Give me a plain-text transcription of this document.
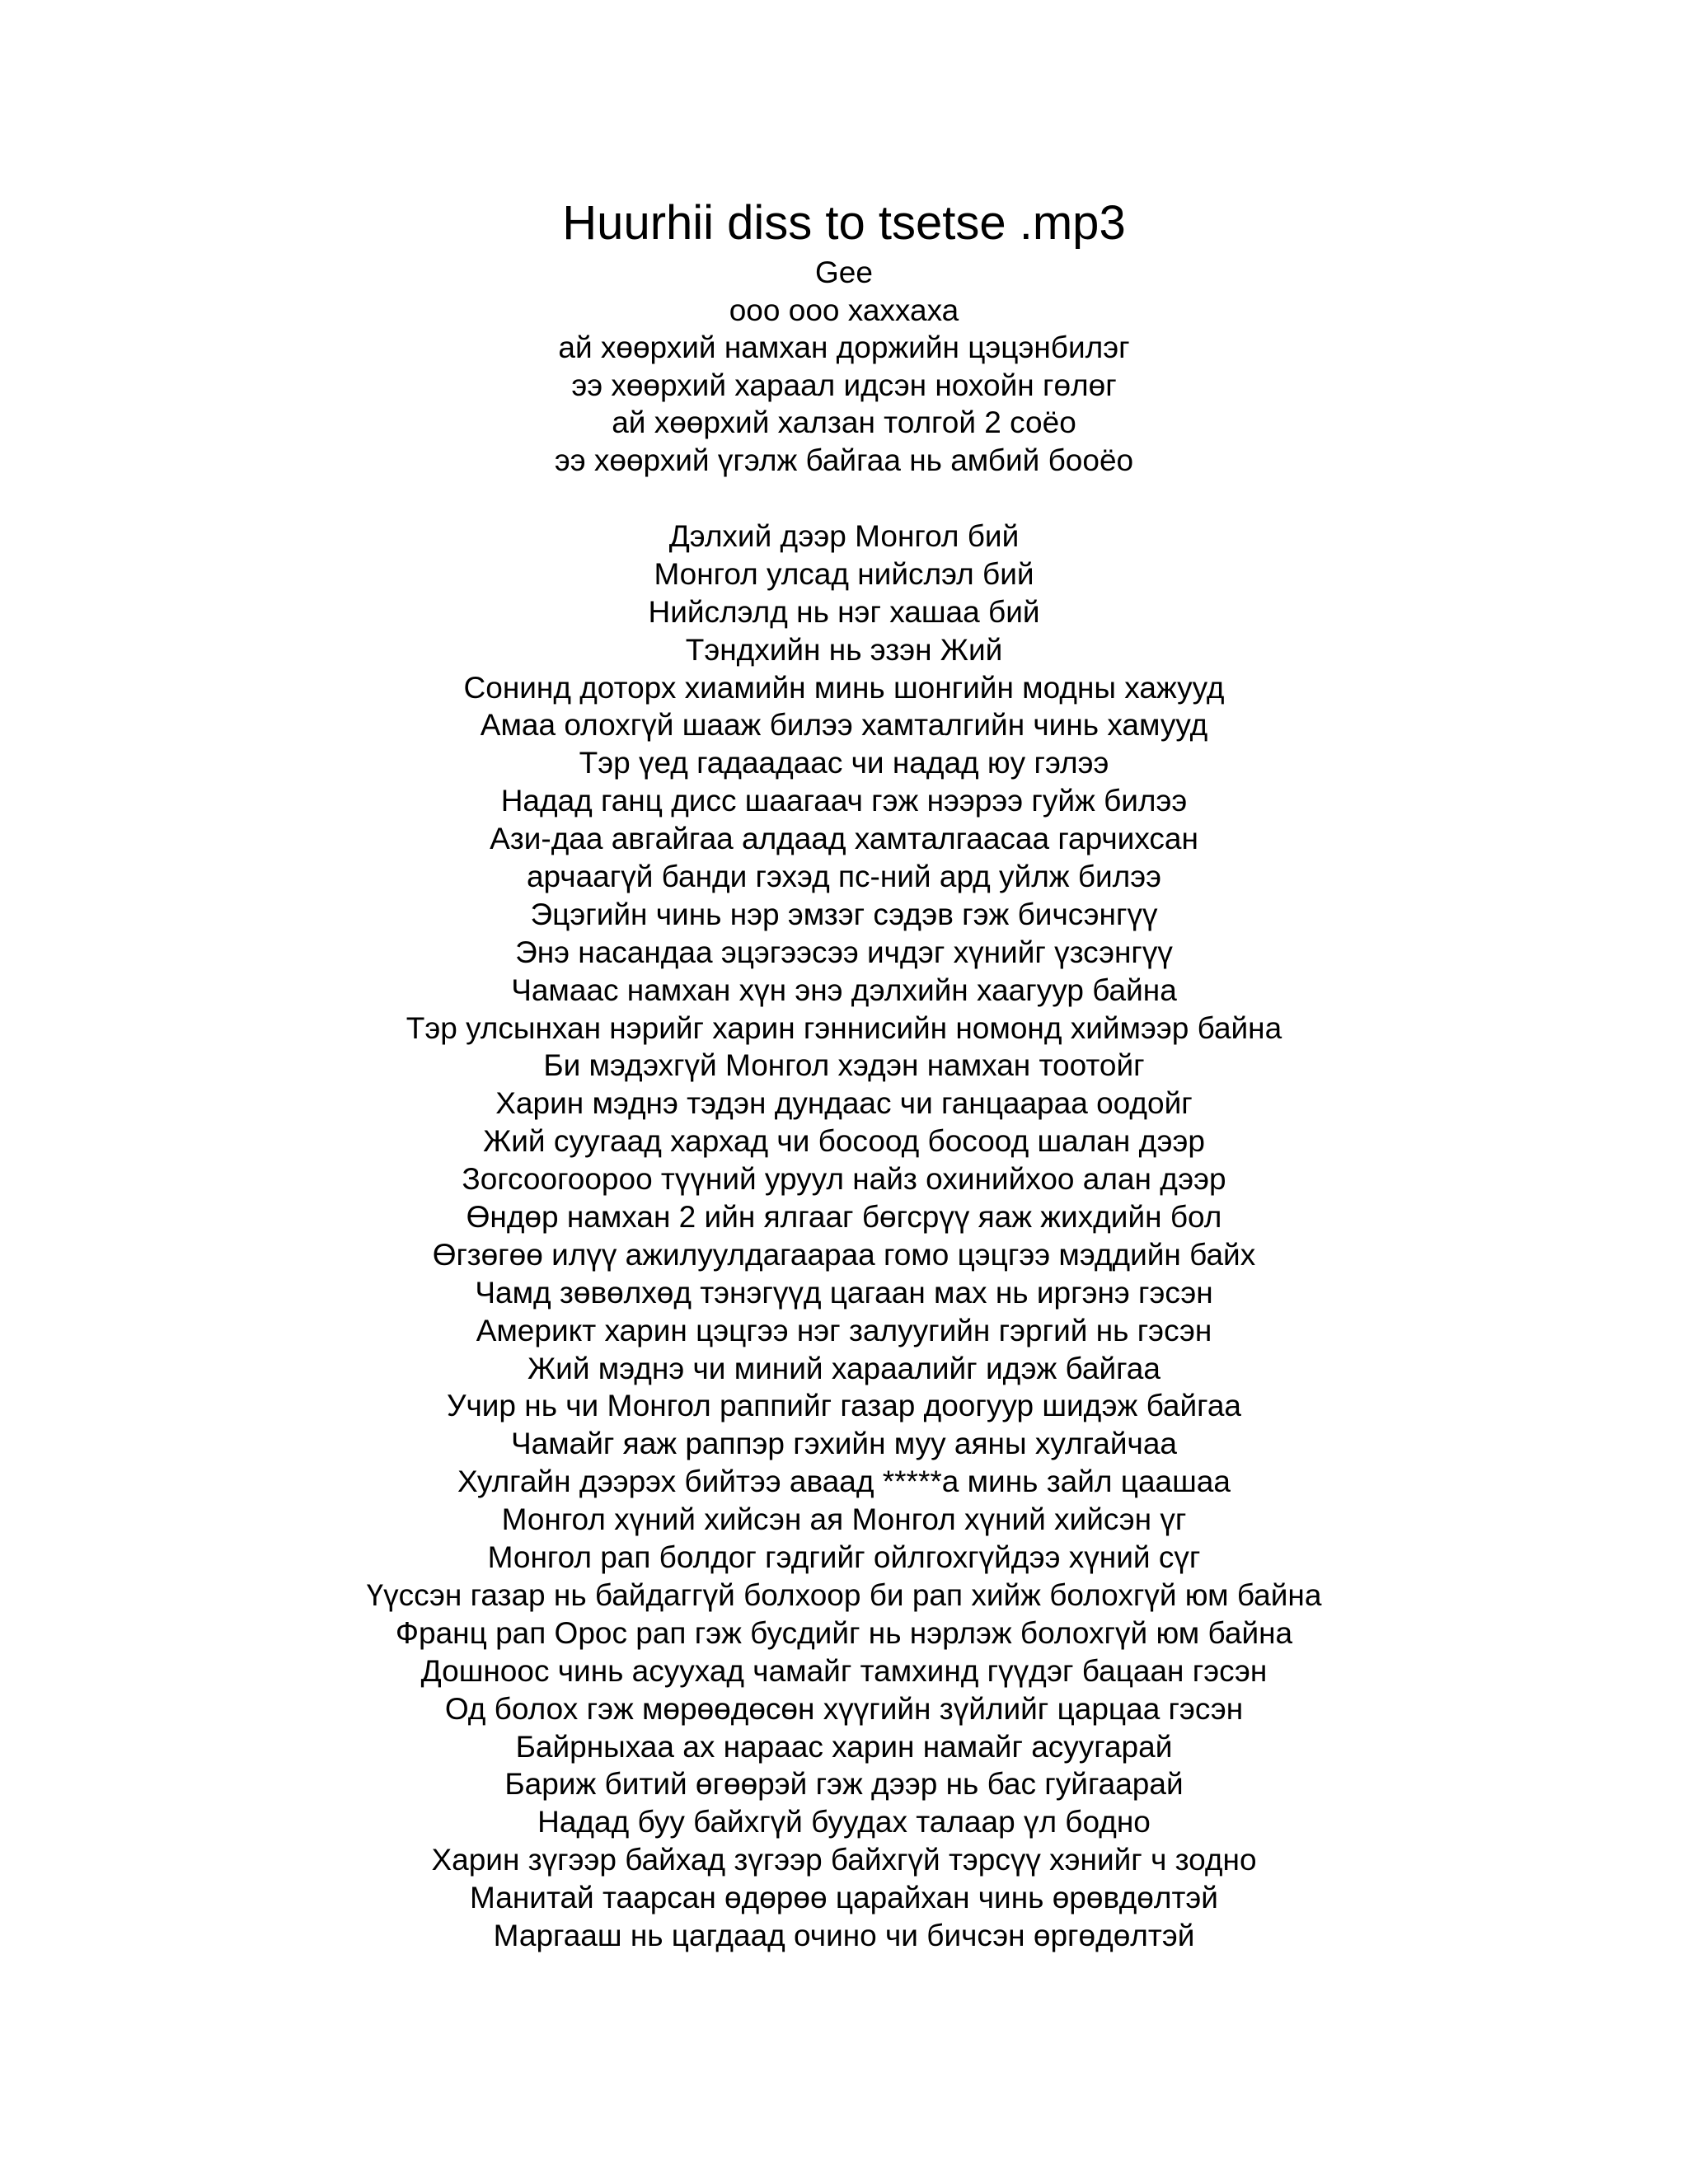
Huurhii diss to tsetse .mp3
Gee
ооо ооо хаххаха
ай хөөрхий намхан доржийн цэцэнбилэг
ээ хөөрхий хараал идсэн нохойн гөлөг
ай хөөрхий халзан толгой 2 соёо
ээ хөөрхий үгэлж байгаа нь амбий бооёо
Дэлхий дээр Монгол бий
Монгол улсад нийслэл бий
Нийслэлд нь нэг хашаа бий
Тэндхийн нь эзэн Жий
Сонинд доторх хиамийн минь шонгийн модны хажууд
Амаа олохгүй шааж билээ хамталгийн чинь хамууд
Тэр үед гадаадаас чи надад юу гэлээ
Надад ганц дисс шаагаач гэж нээрээ гуйж билээ
Ази-даа авгайгаа алдаад хамталгаасаа гарчихсан
арчаагүй банди гэхэд пс-ний ард уйлж билээ
Эцэгийн чинь нэр эмзэг сэдэв гэж бичсэнгүү
Энэ насандаа эцэгээсээ ичдэг хүнийг үзсэнгүү
Чамаас намхан хүн энэ дэлхийн хаагуур байна
Тэр улсынхан нэрийг харин гэннисийн номонд хиймээр байна
Би мэдэхгүй Монгол хэдэн намхан тоотойг
Харин мэднэ тэдэн дундаас чи ганцаараа оодойг
Жий суугаад хархад чи босоод босоод шалан дээр
Зогсоогоороо түүний уруул найз охинийхоо алан дээр
Өндөр намхан 2 ийн ялгааг бөгсрүү яаж жихдийн бол
Өгзөгөө илүү ажилуулдагаараа гомо цэцгээ мэддийн байх
Чамд зөвөлхөд тэнэгүүд цагаан мах нь иргэнэ гэсэн
Америкт харин цэцгээ нэг залуугийн гэргий нь гэсэн
Жий мэднэ чи миний хараалийг идэж байгаа
Учир нь чи Монгол раппийг газар доогуур шидэж байгаа
Чамайг яаж раппэр гэхийн муу аяны хулгайчаа
Хулгайн дээрэх бийтээ аваад *****а минь зайл цаашаа
Монгол хүний хийсэн ая Монгол хүний хийсэн үг
Монгол рап болдог гэдгийг ойлгохгүйдээ хүний сүг
Үүссэн газар нь байдаггүй болхоор би рап хийж болохгүй юм байна
Франц рап Орос рап гэж бусдийг нь нэрлэж болохгүй юм байна
Дошноос чинь асуухад чамайг тамхинд гүүдэг бацаан гэсэн
Од болох гэж мөрөөдөсөн хүүгийн зүйлийг царцаа гэсэн
Байрныхаа ах нараас харин намайг асуугарай
Бариж битий өгөөрэй гэж дээр нь бас гуйгаарай
Надад буу байхгүй буудах талаар үл бодно
Харин зүгээр байхад зүгээр байхгүй тэрсүү хэнийг ч зодно
Манитай таарсан өдөрөө царайхан чинь өрөвдөлтэй
Маргааш нь цагдаад очино чи бичсэн өргөдөлтэй
